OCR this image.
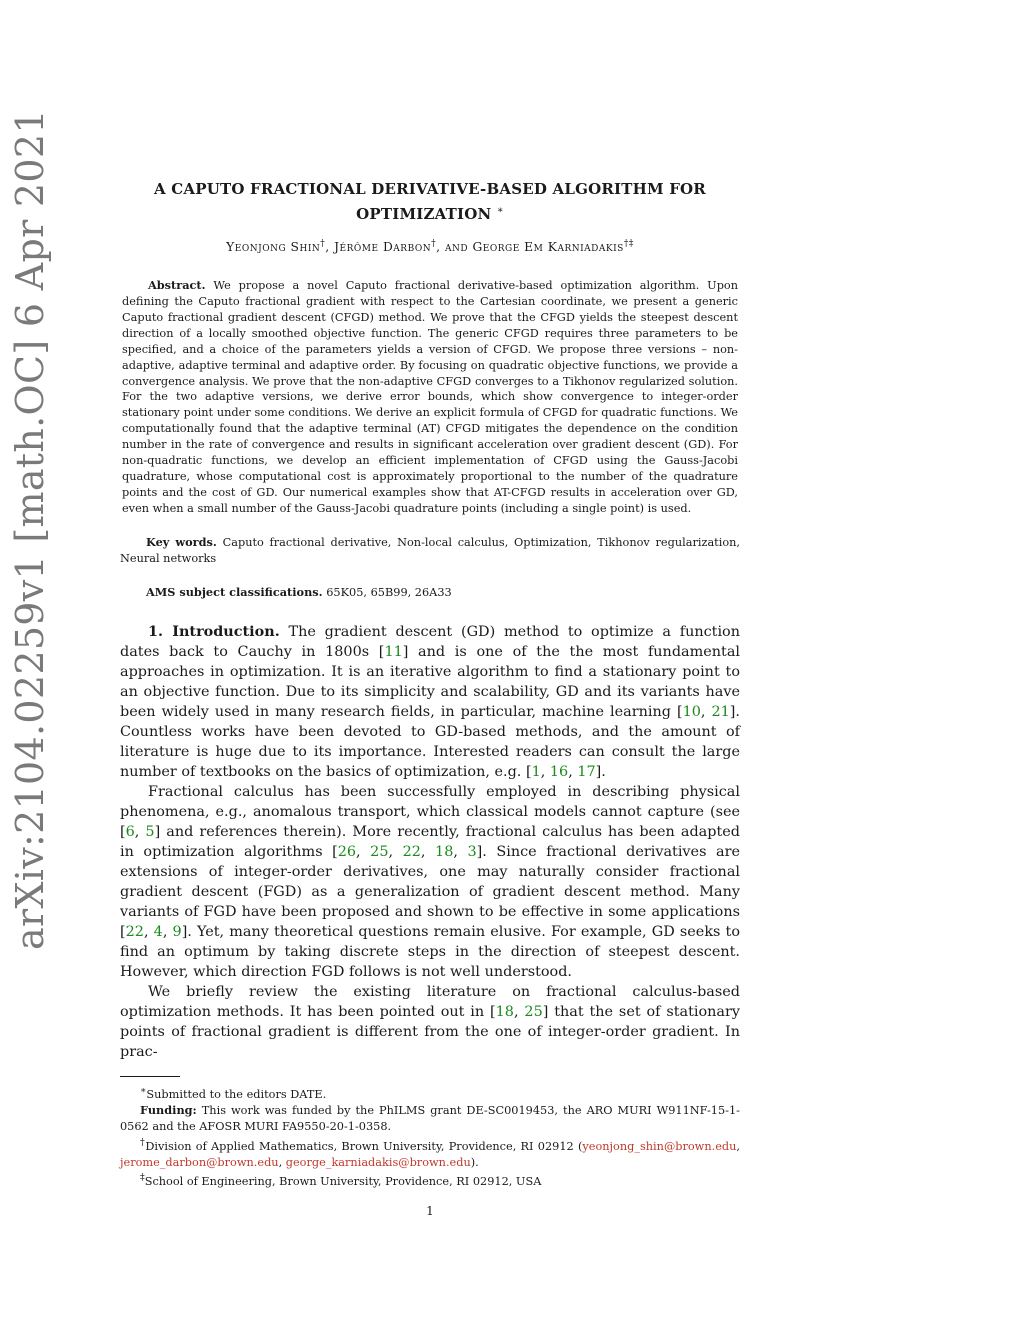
arXiv:2104.02259v1 [math.OC] 6 Apr 2021	A CAPUTO FRACTIONAL DERIVATIVE-BASED ALGORITHM FOR
OPTIMIZATION ∗
Yeonjong Shin†, Jérôme Darbon†, and George Em Karniadakis†‡

Abstract. We propose a novel Caputo fractional derivative-based optimization algorithm. Upon defining the Caputo fractional gradient with respect to the Cartesian coordinate, we present a generic Caputo fractional gradient descent (CFGD) method. We prove that the CFGD yields the steepest descent direction of a locally smoothed objective function. The generic CFGD requires three parameters to be specified, and a choice of the parameters yields a version of CFGD. We propose three versions – non-adaptive, adaptive terminal and adaptive order. By focusing on quadratic objective functions, we provide a convergence analysis. We prove that the non-adaptive CFGD converges to a Tikhonov regularized solution. For the two adaptive versions, we derive error bounds, which show convergence to integer-order stationary point under some conditions. We derive an explicit formula of CFGD for quadratic functions. We computationally found that the adaptive terminal (AT) CFGD mitigates the dependence on the condition number in the rate of convergence and results in significant acceleration over gradient descent (GD). For non-quadratic functions, we develop an efficient implementation of CFGD using the Gauss-Jacobi quadrature, whose computational cost is approximately proportional to the number of the quadrature points and the cost of GD. Our numerical examples show that AT-CFGD results in acceleration over GD, even when a small number of the Gauss-Jacobi quadrature points (including a single point) is used.

Key words. Caputo fractional derivative, Non-local calculus, Optimization, Tikhonov regularization, Neural networks

AMS subject classifications. 65K05, 65B99, 26A33

1. Introduction. The gradient descent (GD) method to optimize a function dates back to Cauchy in 1800s [11] and is one of the the most fundamental approaches in optimization. It is an iterative algorithm to find a stationary point to an objective function. Due to its simplicity and scalability, GD and its variants have been widely used in many research fields, in particular, machine learning [10, 21]. Countless works have been devoted to GD-based methods, and the amount of literature is huge due to its importance. Interested readers can consult the large number of textbooks on the basics of optimization, e.g. [1, 16, 17].

Fractional calculus has been successfully employed in describing physical phenomena, e.g., anomalous transport, which classical models cannot capture (see [6, 5] and references therein). More recently, fractional calculus has been adapted in optimization algorithms [26, 25, 22, 18, 3]. Since fractional derivatives are extensions of integer-order derivatives, one may naturally consider fractional gradient descent (FGD) as a generalization of gradient descent method. Many variants of FGD have been proposed and shown to be effective in some applications [22, 4, 9]. Yet, many theoretical questions remain elusive. For example, GD seeks to find an optimum by taking discrete steps in the direction of steepest descent. However, which direction FGD follows is not well understood.

We briefly review the existing literature on fractional calculus-based optimization methods. It has been pointed out in [18, 25] that the set of stationary points of fractional gradient is different from the one of integer-order gradient. In prac-

∗Submitted to the editors DATE.

Funding: This work was funded by the PhILMS grant DE-SC0019453, the ARO MURI W911NF-15-1-0562 and the AFOSR MURI FA9550-20-1-0358.

†Division of Applied Mathematics, Brown University, Providence, RI 02912 (yeonjong_shin@brown.edu, jerome_darbon@brown.edu, george_karniadakis@brown.edu).

‡School of Engineering, Brown University, Providence, RI 02912, USA

1
